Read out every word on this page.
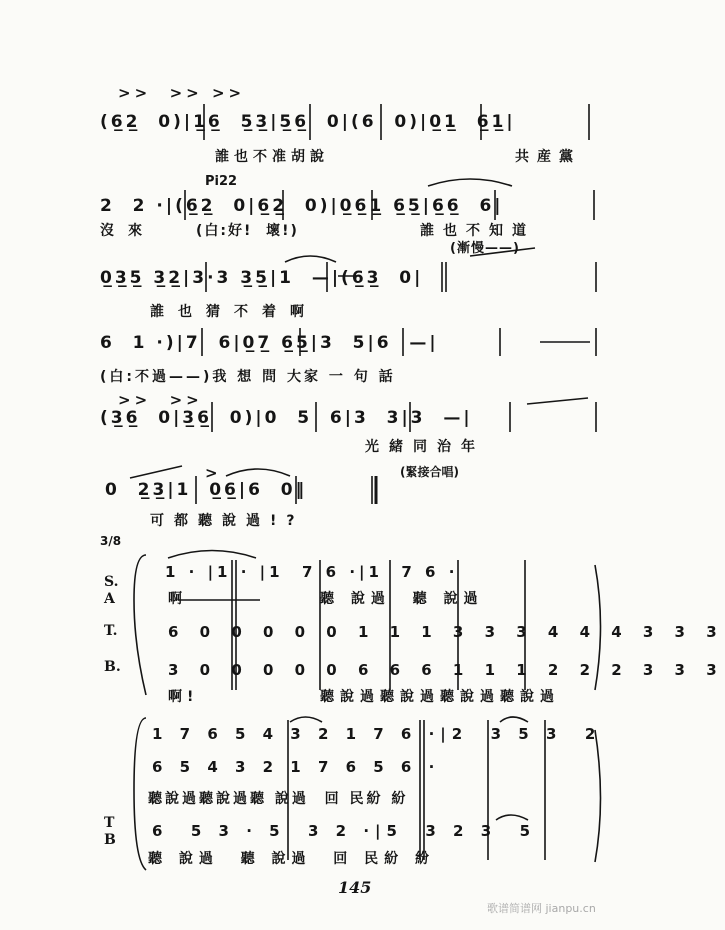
>>  >> >>
(6̲2̲  0)|1̲6̲  5̲3̲|5̲6̲  0|(6  0)|0̲1̲  6̲1̲|
誰也不准胡說	共産黨
Pi22
2  2 ·|(6̲2̲  0|6̲2̲  0)|0̲6̲1̲ 6̲5̲|6̲6̲  6|
沒來	(白:好!  壞!)	誰也不知道
(漸慢——)
0̲3̲5̲ 3̲2̲|3·3 3̲5̲|1  —|(6̲3̲  0|
誰也猜不着啊
6  1 ·)|7  6|0̲7̲ 6̲5̲|3  5|6  —|
(白:不過——)我 想 問 大家 一 句 話
>>  >>
(3̲6̲  0|3̲6̲  0)|0  5  6|3  3|3  —|
光緒同治年
(緊接合唱)
>
0  2̲3̲|1  0̲6̲|6  0‖
可都聽說過!?
3/8
S.
A
T.
B.
1 · |1 · |1  7 6 ·|1  7 6 ·
啊	聽 說過  聽 說過
6 0 0 0 0 0 1 1 1 3 3 3 4 4 4 3 3 3
3 0 0 0 0 0 6 6 6 1 1 1 2 2 2 3 3 3
啊!	聽說過聽說過聽說過聽說過
1 7 6 5 4 3 2 1 7 6 ·|2  3 5 3  2
6 5 4 3 2 1 7 6 5 6 ·
聽說過聽說過聽 說過  回 民紛 紛
T
B 6  5 3 · 5  3 2 ·|5  3 2 3  5
聽 說過  聽 說過  回 民紛 紛
145
歌谱简谱网 jianpu.cn
